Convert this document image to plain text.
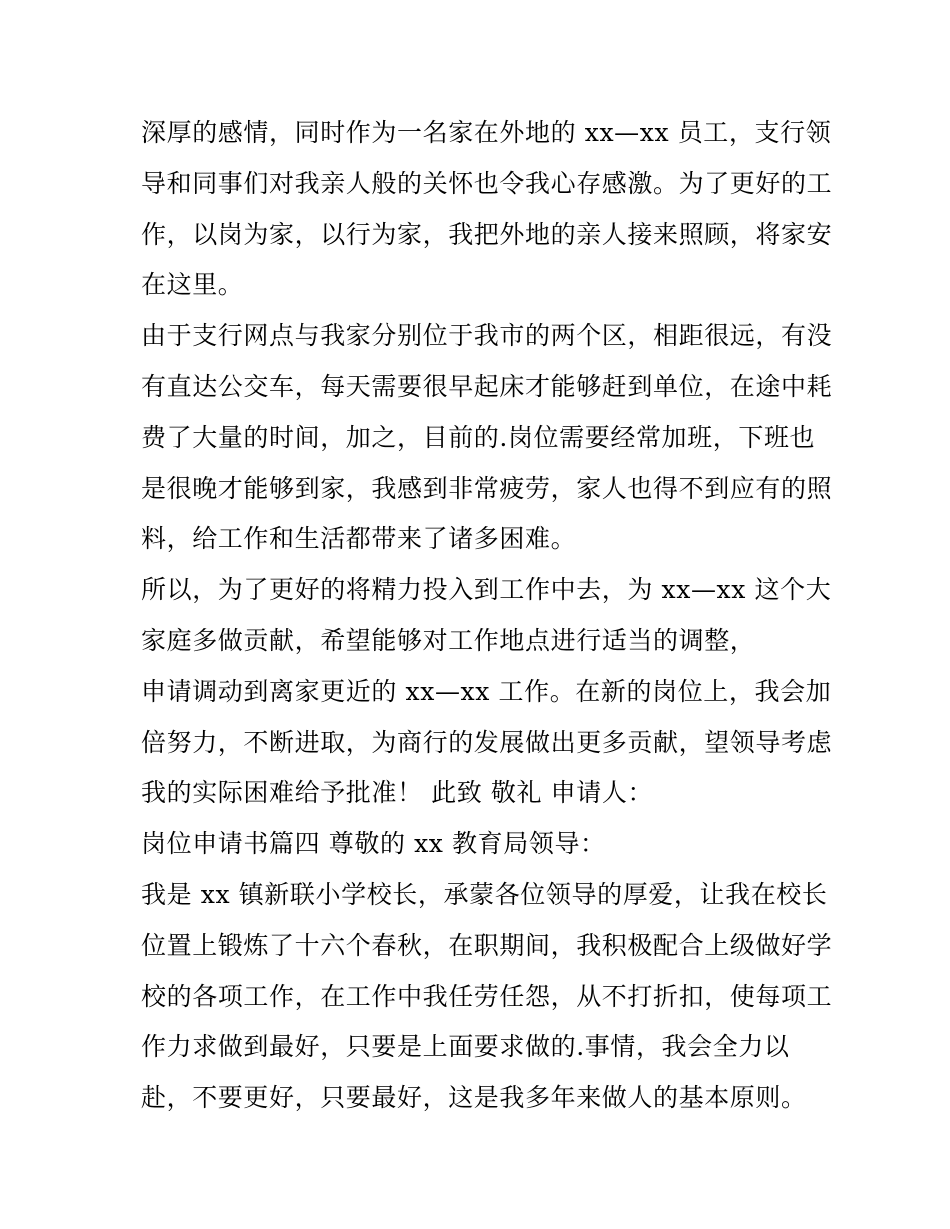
深厚的感情，同时作为一名家在外地的 xx—xx 员工，支行领
导和同事们对我亲人般的关怀也令我心存感激。为了更好的工
作，以岗为家，以行为家，我把外地的亲人接来照顾，将家安
在这里。
由于支行网点与我家分别位于我市的两个区，相距很远，有没
有直达公交车，每天需要很早起床才能够赶到单位，在途中耗
费了大量的时间，加之，目前的.岗位需要经常加班，下班也
是很晚才能够到家，我感到非常疲劳，家人也得不到应有的照
料，给工作和生活都带来了诸多困难。
所以，为了更好的将精力投入到工作中去，为 xx—xx 这个大
家庭多做贡献，希望能够对工作地点进行适当的调整，
申请调动到离家更近的 xx—xx 工作。在新的岗位上，我会加
倍努力，不断进取，为商行的发展做出更多贡献，望领导考虑
我的实际困难给予批准！ 此致 敬礼 申请人：
岗位申请书篇四 尊敬的 xx 教育局领导：
我是 xx 镇新联小学校长，承蒙各位领导的厚爱，让我在校长
位置上锻炼了十六个春秋，在职期间，我积极配合上级做好学
校的各项工作，在工作中我任劳任怨，从不打折扣，使每项工
作力求做到最好，只要是上面要求做的.事情，我会全力以
赴，不要更好，只要最好，这是我多年来做人的基本原则。
